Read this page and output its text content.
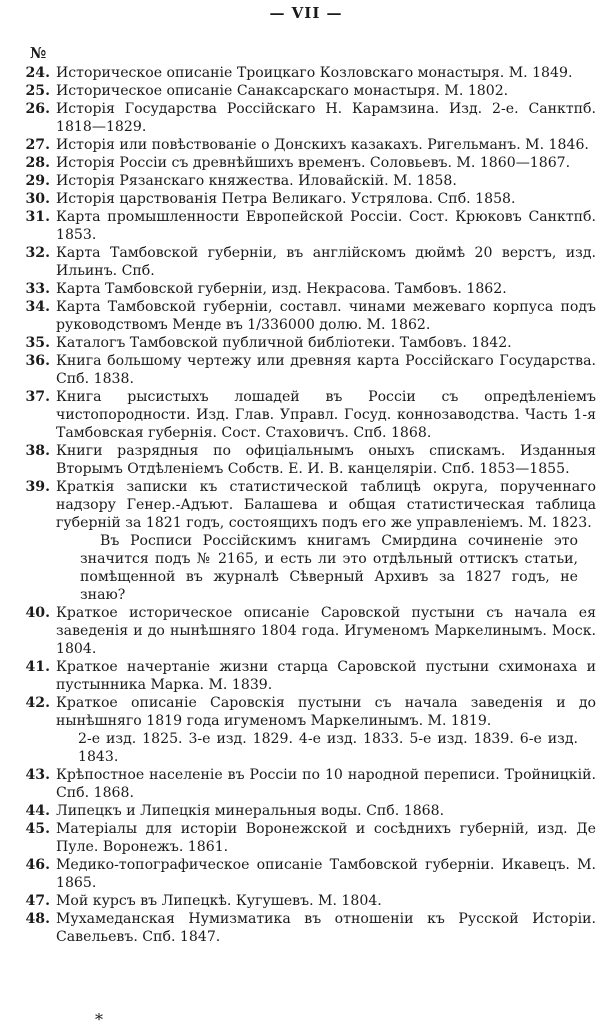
— VII —
№
24. Историческое описаніе Троицкаго Козловскаго монастыря. М. 1849.
25. Историческое описаніе Санаксарскаго монастыря. М. 1802.
26. Исторія Государства Россійскаго Н. Карамзина. Изд. 2-е. Санктпб. 1818—1829.
27. Исторія или повѣствованіе о Донскихъ казакахъ. Ригельманъ. М. 1846.
28. Исторія Россіи съ древнѣйшихъ временъ. Соловьевъ. М. 1860—1867.
29. Исторія Рязанскаго княжества. Иловайскій. М. 1858.
30. Исторія царствованія Петра Великаго. Устрялова. Спб. 1858.
31. Карта промышленности Европейской Россіи. Сост. Крюковъ Санктпб. 1853.
32. Карта Тамбовской губерніи, въ англійскомъ дюймѣ 20 верстъ, изд. Ильинъ. Спб.
33. Карта Тамбовской губерніи, изд. Некрасова. Тамбовъ. 1862.
34. Карта Тамбовской губерніи, составл. чинами межеваго корпуса подъ руководствомъ Менде въ 1/336000 долю. М. 1862.
35. Каталогъ Тамбовской публичной библіотеки. Тамбовъ. 1842.
36. Книга большому чертежу или древняя карта Россійскаго Государства. Спб. 1838.
37. Книга рысистыхъ лошадей въ Россіи съ опредѣленіемъ чистопородности. Изд. Глав. Управл. Госуд. коннозаводства. Часть 1-я Тамбовская губернія. Сост. Стаховичъ. Спб. 1868.
38. Книги разрядныя по офиціальнымъ оныхъ спискамъ. Изданныя Вторымъ Отдѣленіемъ Собств. Е. И. В. канцеляріи. Спб. 1853—1855.
39. Краткія записки къ статистической таблицѣ округа, порученнаго надзору Генер.-Адъют. Балашева и общая статистическая таблица губерній за 1821 годъ, состоящихъ подъ его же управленіемъ. М. 1823.
Въ Росписи Россійскимъ книгамъ Смирдина сочиненіе это значится подъ № 2165, и есть ли это отдѣльный оттискъ статьи, помѣщенной въ журналѣ Сѣверный Архивъ за 1827 годъ, не знаю?
40. Краткое историческое описаніе Саровской пустыни съ начала ея заведенія и до нынѣшняго 1804 года. Игуменомъ Маркелинымъ. Моск. 1804.
41. Краткое начертаніе жизни старца Саровской пустыни схимонаха и пустынника Марка. М. 1839.
42. Краткое описаніе Саровскія пустыни съ начала заведенія и до нынѣшняго 1819 года игуменомъ Маркелинымъ. М. 1819.
2-е изд. 1825. 3-е изд. 1829. 4-е изд. 1833. 5-е изд. 1839. 6-е изд. 1843.
43. Крѣпостное населеніе въ Россіи по 10 народной переписи. Тройницкій. Спб. 1868.
44. Липецкъ и Липецкія минеральныя воды. Спб. 1868.
45. Матеріалы для исторіи Воронежской и сосѣднихъ губерній, изд. Де Пуле. Воронежъ. 1861.
46. Медико-топографическое описаніе Тамбовской губерніи. Икавецъ. М. 1865.
47. Мой курсъ въ Липецкѣ. Кугушевъ. М. 1804.
48. Мухамеданская Нумизматика въ отношеніи къ Русской Исторіи. Савельевъ. Спб. 1847.
*
